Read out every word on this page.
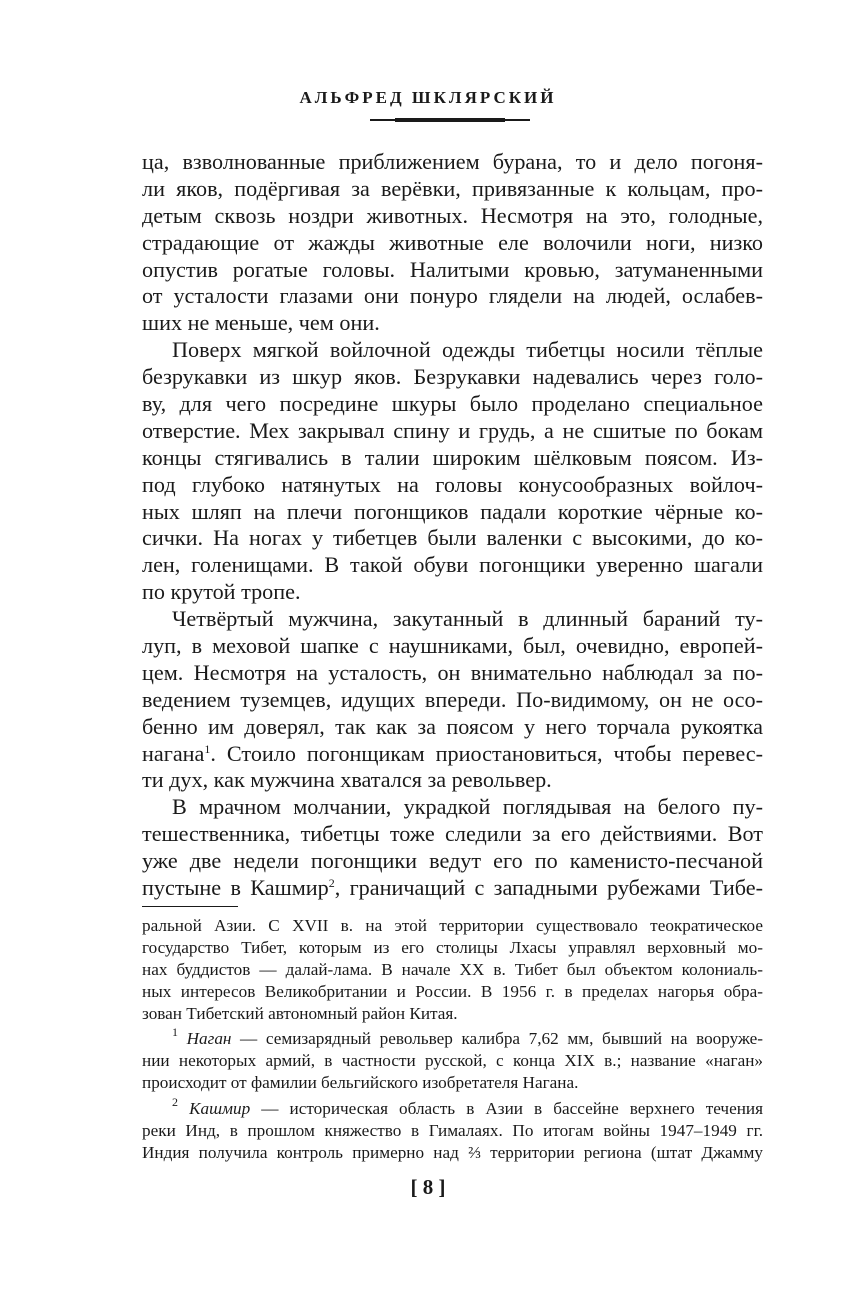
АЛЬФРЕД ШКЛЯРСКИЙ
ца, взволнованные приближением бурана, то и дело погоня-
ли яков, подёргивая за верёвки, привязанные к кольцам, про-
детым сквозь ноздри животных. Несмотря на это, голодные,
страдающие от жажды животные еле волочили ноги, низко
опустив рогатые головы. Налитыми кровью, затуманенными
от усталости глазами они понуро глядели на людей, ослабев-
ших не меньше, чем они.
Поверх мягкой войлочной одежды тибетцы носили тёплые
безрукавки из шкур яков. Безрукавки надевались через голо-
ву, для чего посредине шкуры было проделано специальное
отверстие. Мех закрывал спину и грудь, а не сшитые по бокам
концы стягивались в талии широким шёлковым поясом. Из-
под глубоко натянутых на головы конусообразных войлоч-
ных шляп на плечи погонщиков падали короткие чёрные ко-
сички. На ногах у тибетцев были валенки с высокими, до ко-
лен, голенищами. В такой обуви погонщики уверенно шагали
по крутой тропе.
Четвёртый мужчина, закутанный в длинный бараний ту-
луп, в меховой шапке с наушниками, был, очевидно, европей-
цем. Несмотря на усталость, он внимательно наблюдал за по-
ведением туземцев, идущих впереди. По-видимому, он не осо-
бенно им доверял, так как за поясом у него торчала рукоятка
нагана$^1$. Стоило погонщикам приостановиться, чтобы перевес-
ти дух, как мужчина хватался за револьвер.
В мрачном молчании, украдкой поглядывая на белого пу-
тешественника, тибетцы тоже следили за его действиями. Вот
уже две недели погонщики ведут его по каменисто-песчаной
пустыне в Кашмир$^2$, граничащий с западными рубежами Тибе-
ральной Азии. С XVII в. на этой территории существовало теократическое
государство Тибет, которым из его столицы Лхасы управлял верховный мо-
нах буддистов — далай-лама. В начале XX в. Тибет был объектом колониаль-
ных интересов Великобритании и России. В 1956 г. в пределах нагорья обра-
зован Тибетский автономный район Китая.
$^1$ Наган — семизарядный револьвер калибра 7,62 мм, бывший на вооруже-
нии некоторых армий, в частности русской, с конца XIX в.; название «наган»
происходит от фамилии бельгийского изобретателя Нагана.
$^2$ Кашмир — историческая область в Азии в бассейне верхнего течения
реки Инд, в прошлом княжество в Гималаях. По итогам войны 1947–1949 гг.
Индия получила контроль примерно над ⅔ территории региона (штат Джамму
[ 8 ]
